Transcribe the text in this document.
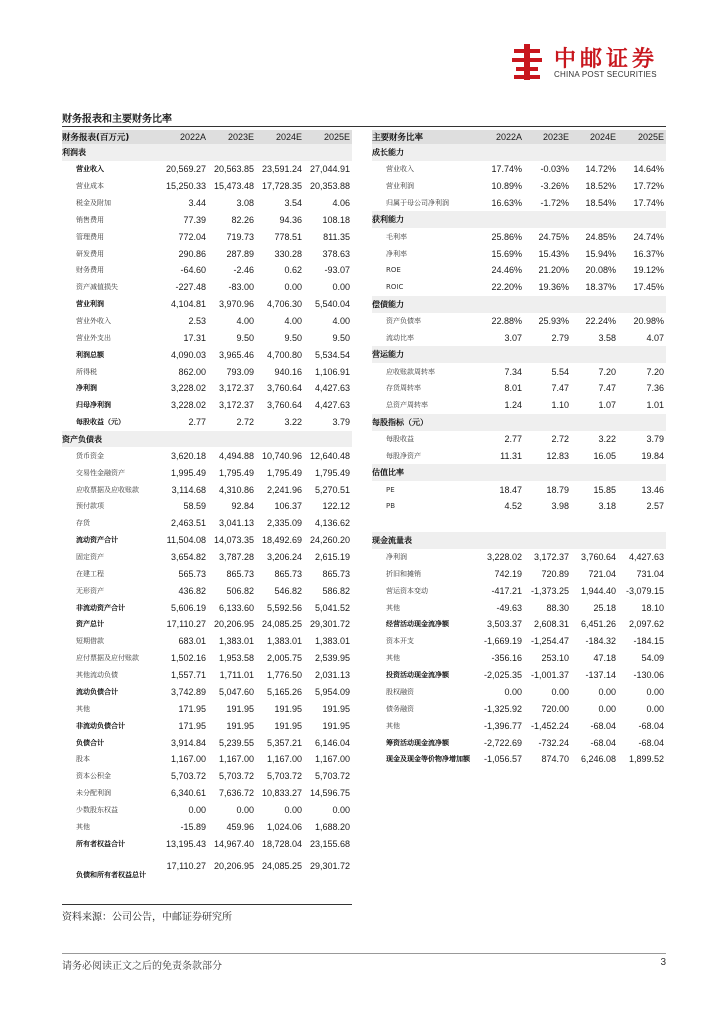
中邮证券
CHINA POST SECURITIES
财务报表和主要财务比率
财务报表(百万元)	2022A	2023E	2024E	2025E
利润表				
营业收入	20,569.27	20,563.85	23,591.24	27,044.91
营业成本	15,250.33	15,473.48	17,728.35	20,353.88
税金及附加	3.44	3.08	3.54	4.06
销售费用	77.39	82.26	94.36	108.18
管理费用	772.04	719.73	778.51	811.35
研发费用	290.86	287.89	330.28	378.63
财务费用	-64.60	-2.46	0.62	-93.07
资产减值损失	-227.48	-83.00	0.00	0.00
营业利润	4,104.81	3,970.96	4,706.30	5,540.04
营业外收入	2.53	4.00	4.00	4.00
营业外支出	17.31	9.50	9.50	9.50
利润总额	4,090.03	3,965.46	4,700.80	5,534.54
所得税	862.00	793.09	940.16	1,106.91
净利润	3,228.02	3,172.37	3,760.64	4,427.63
归母净利润	3,228.02	3,172.37	3,760.64	4,427.63
每股收益（元）	2.77	2.72	3.22	3.79
资产负债表				
货币资金	3,620.18	4,494.88	10,740.96	12,640.48
交易性金融资产	1,995.49	1,795.49	1,795.49	1,795.49
应收票据及应收账款	3,114.68	4,310.86	2,241.96	5,270.51
预付款项	58.59	92.84	106.37	122.12
存货	2,463.51	3,041.13	2,335.09	4,136.62
流动资产合计	11,504.08	14,073.35	18,492.69	24,260.20
固定资产	3,654.82	3,787.28	3,206.24	2,615.19
在建工程	565.73	865.73	865.73	865.73
无形资产	436.82	506.82	546.82	586.82
非流动资产合计	5,606.19	6,133.60	5,592.56	5,041.52
资产总计	17,110.27	20,206.95	24,085.25	29,301.72
短期借款	683.01	1,383.01	1,383.01	1,383.01
应付票据及应付账款	1,502.16	1,953.58	2,005.75	2,539.95
其他流动负债	1,557.71	1,711.01	1,776.50	2,031.13
流动负债合计	3,742.89	5,047.60	5,165.26	5,954.09
其他	171.95	191.95	191.95	191.95
非流动负债合计	171.95	191.95	191.95	191.95
负债合计	3,914.84	5,239.55	5,357.21	6,146.04
股本	1,167.00	1,167.00	1,167.00	1,167.00
资本公积金	5,703.72	5,703.72	5,703.72	5,703.72
未分配利润	6,340.61	7,636.72	10,833.27	14,596.75
少数股东权益	0.00	0.00	0.00	0.00
其他	-15.89	459.96	1,024.06	1,688.20
所有者权益合计	13,195.43	14,967.40	18,728.04	23,155.68
负债和所有者权益总计	17,110.27	20,206.95	24,085.25	29,301.72
主要财务比率	2022A	2023E	2024E	2025E
成长能力				
营业收入	17.74%	-0.03%	14.72%	14.64%
营业利润	10.89%	-3.26%	18.52%	17.72%
归属于母公司净利润	16.63%	-1.72%	18.54%	17.74%
获利能力				
毛利率	25.86%	24.75%	24.85%	24.74%
净利率	15.69%	15.43%	15.94%	16.37%
ROE	24.46%	21.20%	20.08%	19.12%
ROIC	22.20%	19.36%	18.37%	17.45%
偿债能力				
资产负债率	22.88%	25.93%	22.24%	20.98%
流动比率	3.07	2.79	3.58	4.07
营运能力				
应收账款周转率	7.34	5.54	7.20	7.20
存货周转率	8.01	7.47	7.47	7.36
总资产周转率	1.24	1.10	1.07	1.01
每股指标（元）				
每股收益	2.77	2.72	3.22	3.79
每股净资产	11.31	12.83	16.05	19.84
估值比率				
PE	18.47	18.79	15.85	13.46
PB	4.52	3.98	3.18	2.57

现金流量表				
净利润	3,228.02	3,172.37	3,760.64	4,427.63
折旧和摊销	742.19	720.89	721.04	731.04
营运资本变动	-417.21	-1,373.25	1,944.40	-3,079.15
其他	-49.63	88.30	25.18	18.10
经营活动现金流净额	3,503.37	2,608.31	6,451.26	2,097.62
资本开支	-1,669.19	-1,254.47	-184.32	-184.15
其他	-356.16	253.10	47.18	54.09
投资活动现金流净额	-2,025.35	-1,001.37	-137.14	-130.06
股权融资	0.00	0.00	0.00	0.00
债务融资	-1,325.92	720.00	0.00	0.00
其他	-1,396.77	-1,452.24	-68.04	-68.04
筹资活动现金流净额	-2,722.69	-732.24	-68.04	-68.04
现金及现金等价物净增加额	-1,056.57	874.70	6,246.08	1,899.52
资料来源：公司公告，中邮证券研究所
请务必阅读正文之后的免责条款部分	3
